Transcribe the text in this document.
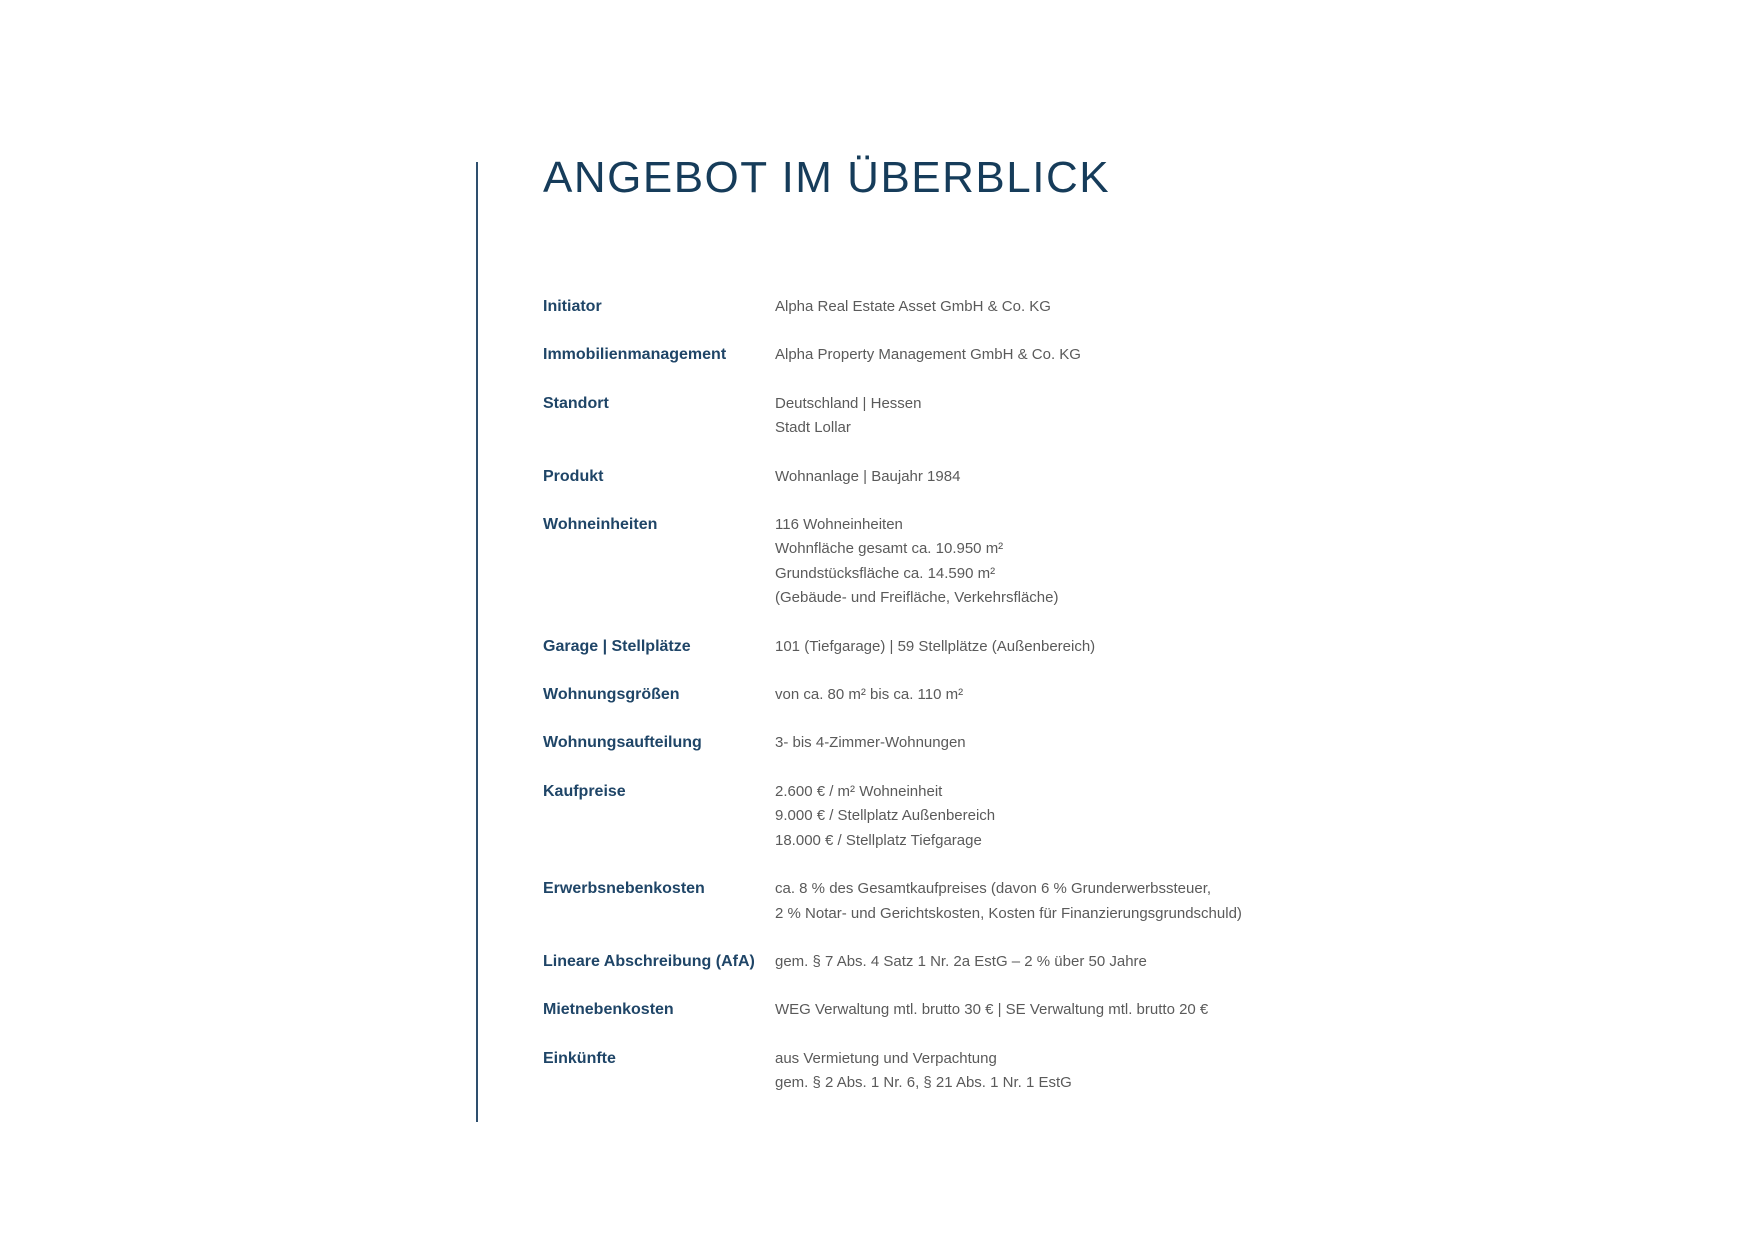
ANGEBOT IM ÜBERBLICK
Initiator	Alpha Real Estate Asset GmbH & Co. KG
Immobilienmanagement	Alpha Property Management GmbH & Co. KG
Standort	Deutschland | Hessen
Stadt Lollar
Produkt	Wohnanlage | Baujahr 1984
Wohneinheiten	116 Wohneinheiten
Wohnfläche gesamt ca. 10.950 m²
Grundstücksfläche ca. 14.590 m²
(Gebäude- und Freifläche, Verkehrsfläche)
Garage | Stellplätze	101 (Tiefgarage) | 59 Stellplätze (Außenbereich)
Wohnungsgrößen	von ca. 80 m² bis ca. 110 m²
Wohnungsaufteilung	3- bis 4-Zimmer-Wohnungen
Kaufpreise	2.600 € / m² Wohneinheit
9.000 € / Stellplatz Außenbereich
18.000 € / Stellplatz Tiefgarage
Erwerbsnebenkosten	ca. 8 % des Gesamtkaufpreises (davon 6 % Grunderwerbssteuer,
2 % Notar- und Gerichtskosten, Kosten für Finanzierungsgrundschuld)
Lineare Abschreibung (AfA)	gem. § 7 Abs. 4 Satz 1 Nr. 2a EstG – 2 % über 50 Jahre
Mietnebenkosten	WEG Verwaltung mtl. brutto 30 € | SE Verwaltung mtl. brutto 20 €
Einkünfte	aus Vermietung und Verpachtung
gem. § 2 Abs. 1 Nr. 6, § 21 Abs. 1 Nr. 1 EstG
